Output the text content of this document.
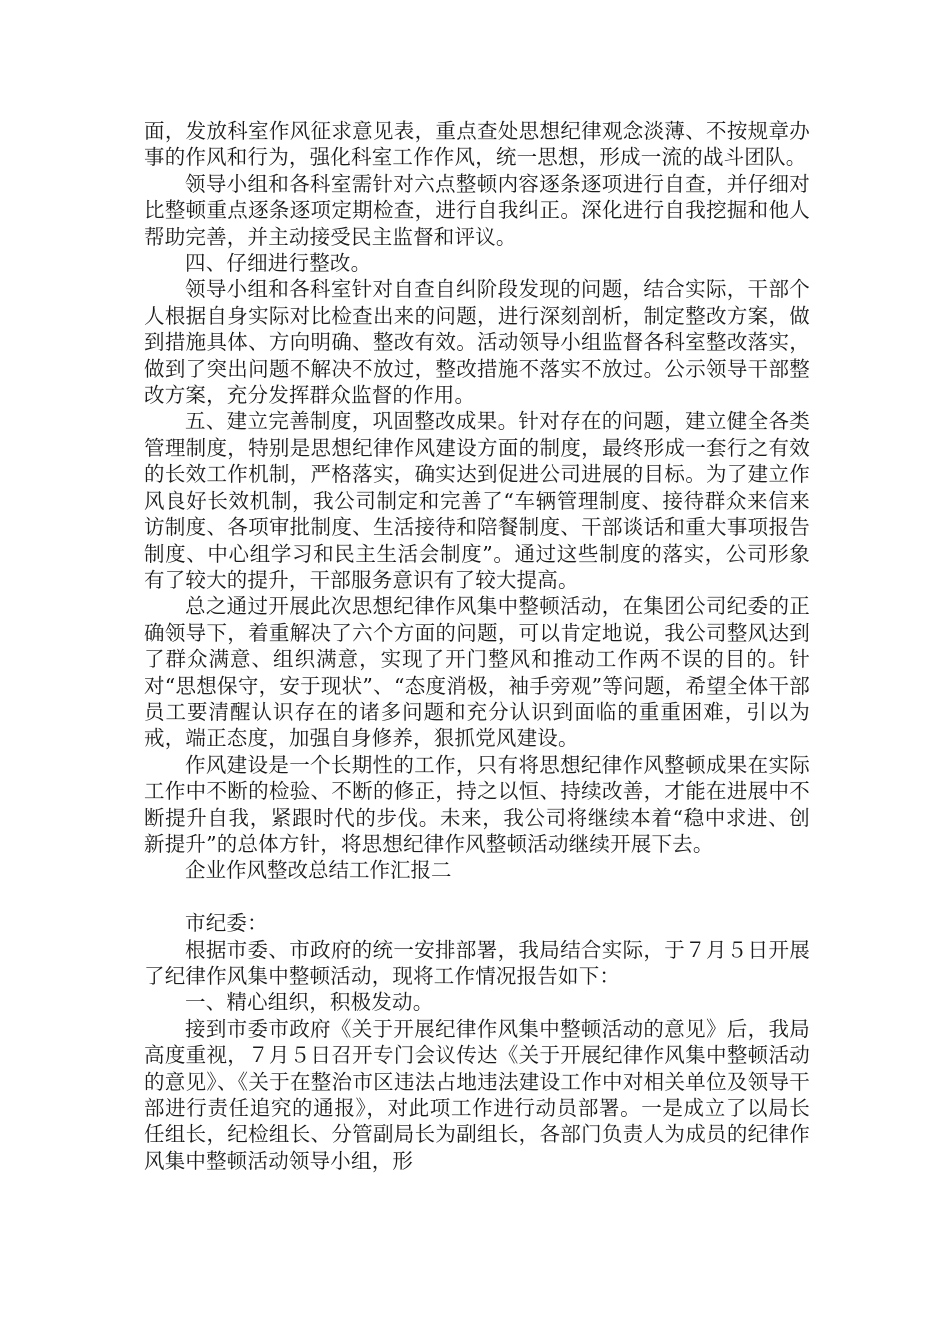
面，发放科室作风征求意见表，重点查处思想纪律观念淡薄、不按规章办事的作风和行为，强化科室工作作风，统一思想，形成一流的战斗团队。

领导小组和各科室需针对六点整顿内容逐条逐项进行自查，并仔细对比整顿重点逐条逐项定期检查，进行自我纠正。深化进行自我挖掘和他人帮助完善，并主动接受民主监督和评议。

四、仔细进行整改。

领导小组和各科室针对自查自纠阶段发现的问题，结合实际，干部个人根据自身实际对比检查出来的问题，进行深刻剖析，制定整改方案，做到措施具体、方向明确、整改有效。活动领导小组监督各科室整改落实，做到了突出问题不解决不放过，整改措施不落实不放过。公示领导干部整改方案，充分发挥群众监督的作用。

五、建立完善制度，巩固整改成果。针对存在的问题，建立健全各类管理制度，特别是思想纪律作风建设方面的制度，最终形成一套行之有效的长效工作机制，严格落实，确实达到促进公司进展的目标。为了建立作风良好长效机制，我公司制定和完善了“车辆管理制度、接待群众来信来访制度、各项审批制度、生活接待和陪餐制度、干部谈话和重大事项报告制度、中心组学习和民主生活会制度”。通过这些制度的落实，公司形象有了较大的提升，干部服务意识有了较大提高。

总之通过开展此次思想纪律作风集中整顿活动，在集团公司纪委的正确领导下，着重解决了六个方面的问题，可以肯定地说，我公司整风达到了群众满意、组织满意，实现了开门整风和推动工作两不误的目的。针对“思想保守，安于现状”、“态度消极，袖手旁观”等问题，希望全体干部员工要清醒认识存在的诸多问题和充分认识到面临的重重困难，引以为戒，端正态度，加强自身修养，狠抓党风建设。

作风建设是一个长期性的工作，只有将思想纪律作风整顿成果在实际工作中不断的检验、不断的修正，持之以恒、持续改善，才能在进展中不断提升自我，紧跟时代的步伐。未来，我公司将继续本着“稳中求进、创新提升”的总体方针，将思想纪律作风整顿活动继续开展下去。

企业作风整改总结工作汇报二

市纪委：

根据市委、市政府的统一安排部署，我局结合实际，于７月５日开展了纪律作风集中整顿活动，现将工作情况报告如下：

一、精心组织，积极发动。

接到市委市政府《关于开展纪律作风集中整顿活动的意见》后，我局高度重视，７月５日召开专门会议传达《关于开展纪律作风集中整顿活动的意见》、《关于在整治市区违法占地违法建设工作中对相关单位及领导干部进行责任追究的通报》，对此项工作进行动员部署。一是成立了以局长任组长，纪检组长、分管副局长为副组长，各部门负责人为成员的纪律作风集中整顿活动领导小组，形
